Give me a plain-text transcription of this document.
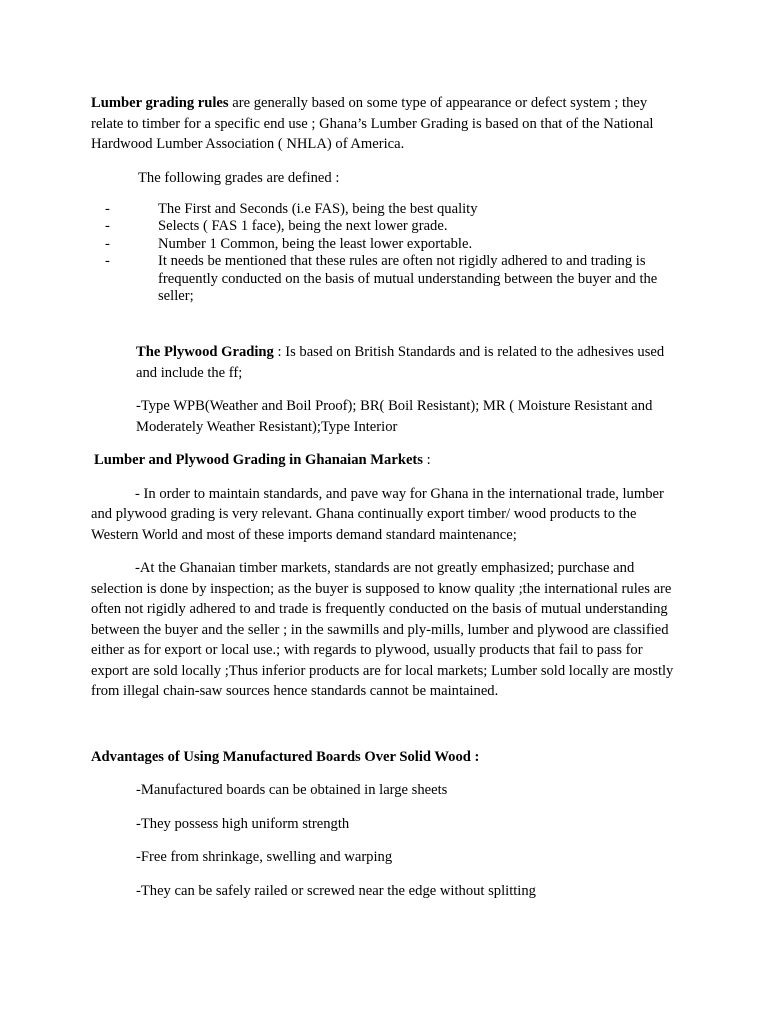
Lumber grading rules are generally based on some type of appearance or defect system ; they relate to timber for a specific end use ; Ghana’s Lumber Grading is based on that of the National Hardwood Lumber Association ( NHLA) of America.

The following grades are defined :

-	The First and Seconds (i.e FAS), being the best quality
-	Selects ( FAS 1 face), being the next lower grade.
-	Number 1 Common, being the least lower exportable.
-	It needs be mentioned that these rules are often not rigidly adhered to and trading is frequently conducted on the basis of mutual understanding between the buyer and the seller;

The Plywood Grading : Is based on British Standards and is related to the adhesives used and include the ff;

-Type WPB(Weather and Boil Proof); BR( Boil Resistant); MR ( Moisture Resistant and Moderately Weather Resistant);Type Interior

Lumber and Plywood Grading in Ghanaian Markets :

- In order to maintain standards, and pave way for Ghana in the international trade, lumber and plywood grading is very relevant. Ghana continually export timber/ wood products to the Western World and most of these imports demand standard maintenance;

-At the Ghanaian timber markets, standards are not greatly emphasized; purchase and selection is done by inspection; as the buyer is supposed to know quality ;the international rules are often not rigidly adhered to and trade is frequently conducted on the basis of mutual understanding between the buyer and the seller ; in the sawmills and ply-mills, lumber and plywood are classified either as for export or local use.; with regards to plywood, usually products that fail to pass for export are sold locally ;Thus inferior products are for local markets; Lumber sold locally are mostly from illegal chain-saw sources hence standards cannot be maintained.

Advantages of Using Manufactured Boards Over Solid Wood :

-Manufactured boards can be obtained in large sheets

-They possess high uniform strength

-Free from shrinkage, swelling and warping

-They can be safely railed or screwed near the edge without splitting
